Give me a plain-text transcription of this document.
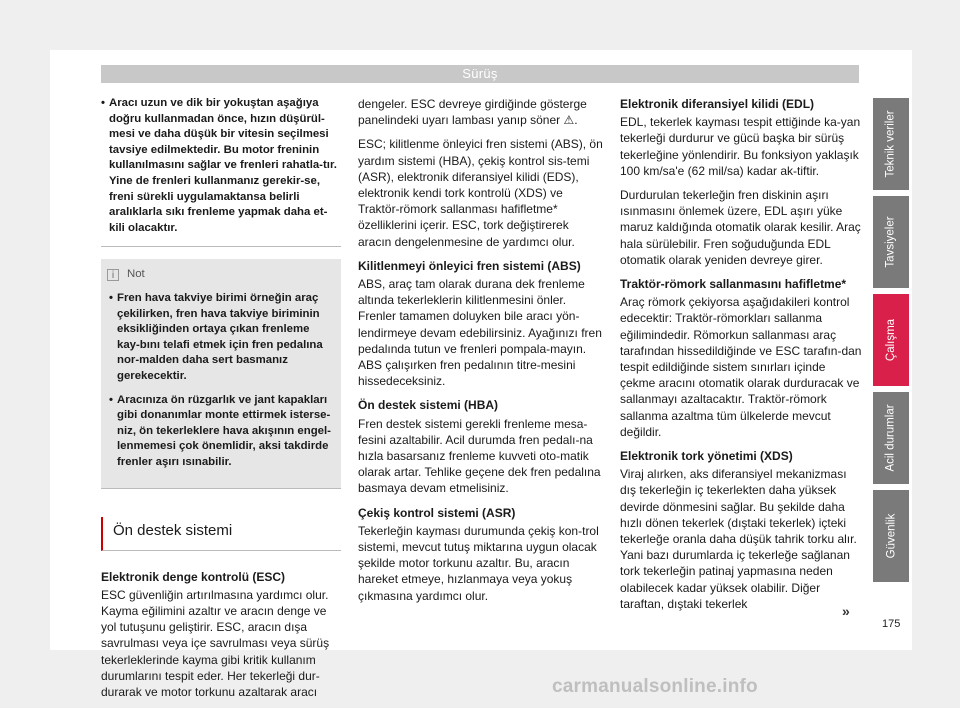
Sürüş
• Aracı uzun ve dik bir yokuştan aşağıya doğru kullanmadan önce, hızın düşürül-mesi ve daha düşük bir vitesin seçilmesi tavsiye edilmektedir. Bu motor freninin kullanılmasını sağlar ve frenleri rahatla-tır. Yine de frenleri kullanmanız gerekir-se, freni sürekli uygulamaktansa belirli aralıklarla sıkı frenleme yapmak daha et-kili olacaktır.
i
Not
• Fren hava takviye birimi örneğin araç çekilirken, fren hava takviye biriminin eksikliğinden ortaya çıkan frenleme kay-bını telafi etmek için fren pedalına nor-malden daha sert basmanız gerekecektir.
• Aracınıza ön rüzgarlık ve jant kapakları gibi donanımlar monte ettirmek isterse-niz, ön tekerleklere hava akışının engel-lenmemesi çok önemlidir, aksi takdirde frenler aşırı ısınabilir.
Ön destek sistemi
Elektronik denge kontrolü (ESC)

ESC güvenliğin artırılmasına yardımcı olur. Kayma eğilimini azaltır ve aracın denge ve yol tutuşunu geliştirir. ESC, aracın dışa savrulması veya içe savrulması veya sürüş tekerleklerinde kayma gibi kritik kullanım durumlarını tespit eder. Her tekerleği dur-durarak ve motor torkunu azaltarak aracı

dengeler. ESC devreye girdiğinde gösterge panelindeki uyarı lambası yanıp söner ⚠.

ESC; kilitlenme önleyici fren sistemi (ABS), ön yardım sistemi (HBA), çekiş kontrol sis-temi (ASR), elektronik diferansiyel kilidi (EDS), elektronik kendi tork kontrolü (XDS) ve Traktör-römork sallanması hafifletme* özelliklerini içerir. ESC, tork değiştirerek aracın dengelenmesine de yardımcı olur.

Kilitlenmeyi önleyici fren sistemi (ABS)

ABS, araç tam olarak durana dek frenleme altında tekerleklerin kilitlenmesini önler. Frenler tamamen doluyken bile aracı yön-lendirmeye devam edebilirsiniz. Ayağınızı fren pedalında tutun ve frenleri pompala-mayın. ABS çalışırken fren pedalının titre-mesini hissedeceksiniz.

Ön destek sistemi (HBA)

Fren destek sistemi gerekli frenleme mesa-fesini azaltabilir. Acil durumda fren pedalı-na hızla basarsanız frenleme kuvveti oto-matik olarak artar. Tehlike geçene dek fren pedalına basmaya devam etmelisiniz.

Çekiş kontrol sistemi (ASR)

Tekerleğin kayması durumunda çekiş kon-trol sistemi, mevcut tutuş miktarına uygun olacak şekilde motor torkunu azaltır. Bu, aracın hareket etmeye, hızlanmaya veya yokuş çıkmasına yardımcı olur.

Elektronik diferansiyel kilidi (EDL)

EDL, tekerlek kayması tespit ettiğinde ka-yan tekerleği durdurur ve gücü başka bir sürüş tekerleğine yönlendirir. Bu fonksiyon yaklaşık 100 km/sa'e (62 mil/sa) kadar ak-tiftir.

Durdurulan tekerleğin fren diskinin aşırı ısınmasını önlemek üzere, EDL aşırı yüke maruz kaldığında otomatik olarak kesilir. Araç hala sürülebilir. Fren soğuduğunda EDL otomatik olarak yeniden devreye girer.

Traktör-römork sallanmasını hafifletme*

Araç römork çekiyorsa aşağıdakileri kontrol edecektir: Traktör-römorkları sallanma eğilimindedir. Römorkun sallanması araç tarafından hissedildiğinde ve ESC tarafın-dan tespit edildiğinde sistem sınırları içinde çekme aracını otomatik olarak durduracak ve sallanmayı azaltacaktır. Traktör-römork sallanma azaltma tüm ülkelerde mevcut değildir.

Elektronik tork yönetimi (XDS)

Viraj alırken, aks diferansiyel mekanizması dış tekerleğin iç tekerlekten daha yüksek devirde dönmesini sağlar. Bu şekilde daha hızlı dönen tekerlek (dıştaki tekerlek) içteki tekerleğe oranla daha düşük tahrik torku alır. Yani bazı durumlarda iç tekerleğe sağlanan tork tekerleğin patinaj yapmasına neden olabilecek kadar yüksek olabilir. Diğer taraftan, dıştaki tekerlek

Teknik veriler
Tavsiyeler
Çalışma
Acil durumlar
Güvenlik
»
175
carmanualsonline.info
